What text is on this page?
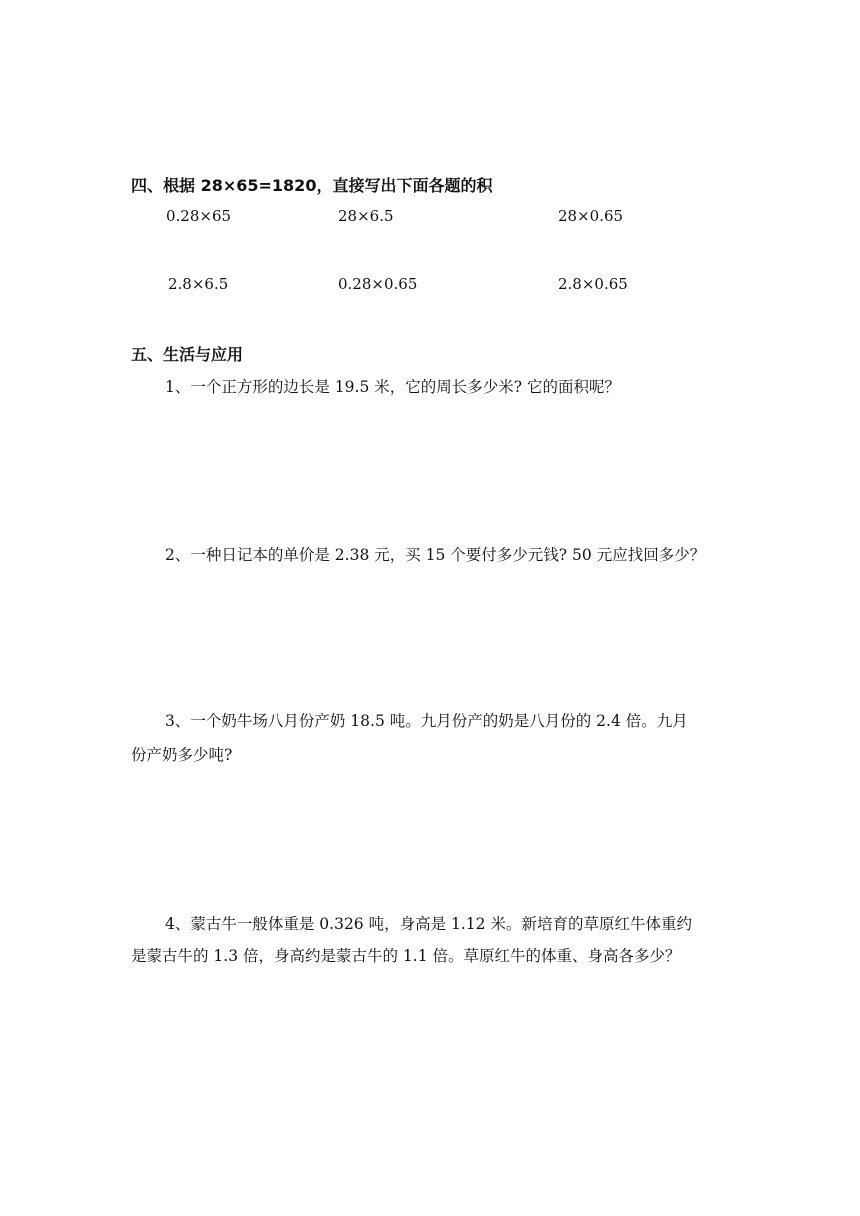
四、根据 28×65=1820，直接写出下面各题的积
0.28×65	28×6.5	28×0.65
2.8×6.5	0.28×0.65	2.8×0.65
五、生活与应用
1、一个正方形的边长是 19.5 米，它的周长多少米? 它的面积呢？
2、一种日记本的单价是 2.38 元，买 15 个要付多少元钱? 50 元应找回多少？
3、一个奶牛场八月份产奶 18.5 吨。九月份产的奶是八月份的 2.4 倍。九月
份产奶多少吨?
4、蒙古牛一般体重是 0.326 吨，身高是 1.12 米。新培育的草原红牛体重约
是蒙古牛的 1.3 倍，身高约是蒙古牛的 1.1 倍。草原红牛的体重、身高各多少？
